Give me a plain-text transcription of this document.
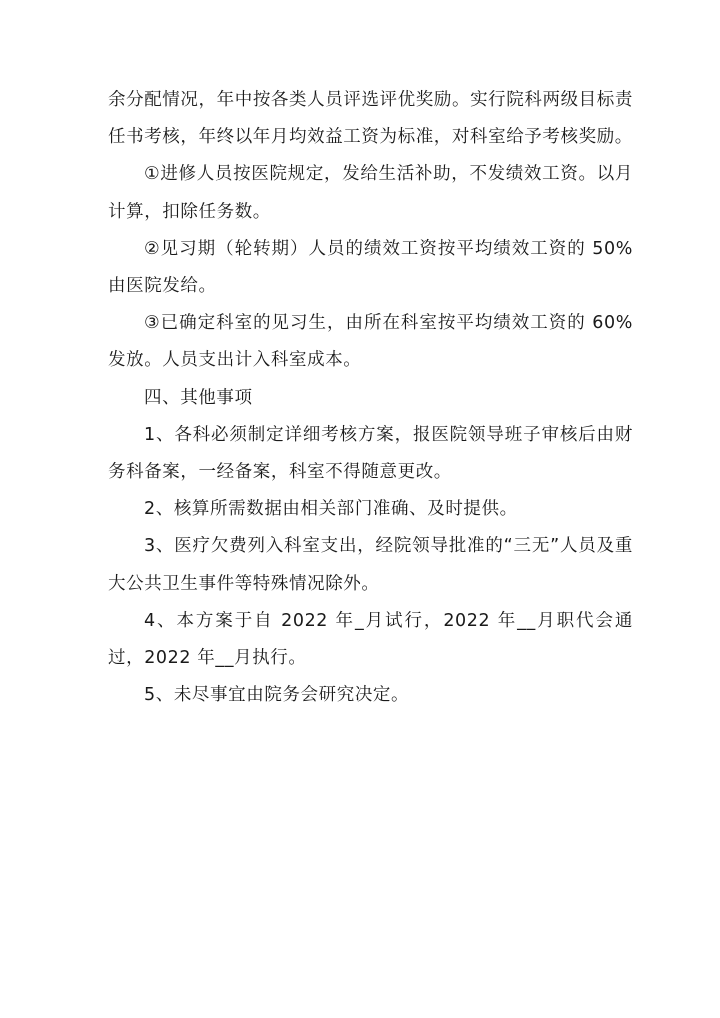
余分配情况，年中按各类人员评选评优奖励。实行院科两级目标责任书考核，年终以年月均效益工资为标准，对科室给予考核奖励。

①进修人员按医院规定，发给生活补助，不发绩效工资。以月计算，扣除任务数。

②见习期（轮转期）人员的绩效工资按平均绩效工资的 50%由医院发给。

③已确定科室的见习生，由所在科室按平均绩效工资的 60%发放。人员支出计入科室成本。

四、其他事项

1、各科必须制定详细考核方案，报医院领导班子审核后由财务科备案，一经备案，科室不得随意更改。

2、核算所需数据由相关部门准确、及时提供。

3、医疗欠费列入科室支出，经院领导批准的“三无”人员及重大公共卫生事件等特殊情况除外。

4、本方案于自 2022 年_月试行，2022 年__月职代会通过，2022 年__月执行。

5、未尽事宜由院务会研究决定。
